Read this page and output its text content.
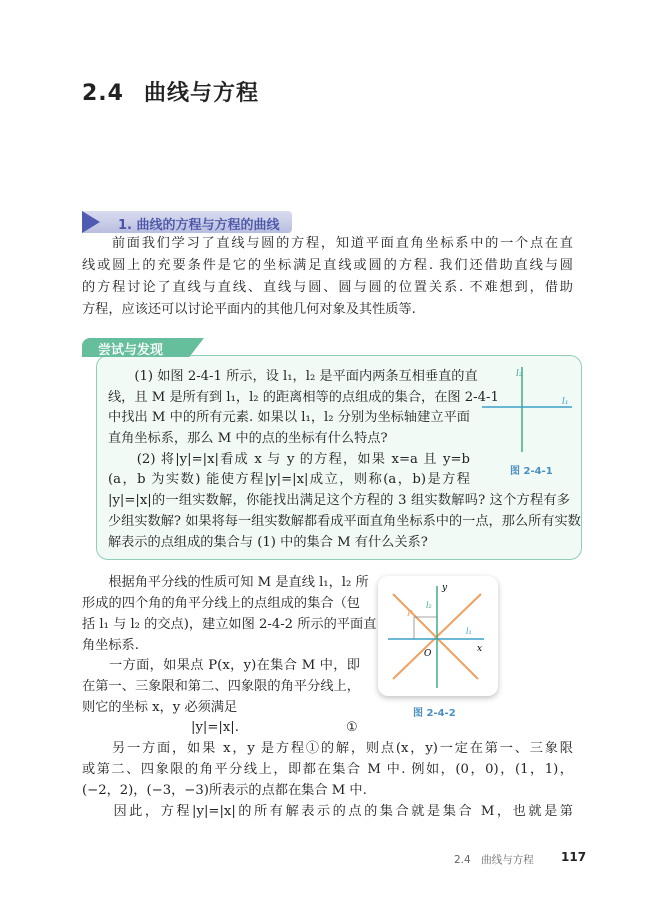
2.4 曲线与方程
1. 曲线的方程与方程的曲线
　　前面我们学习了直线与圆的方程，知道平面直角坐标系中的一个点在直
线或圆上的充要条件是它的坐标满足直线或圆的方程. 我们还借助直线与圆
的方程讨论了直线与直线、直线与圆、圆与圆的位置关系. 不难想到，借助
方程，应该还可以讨论平面内的其他几何对象及其性质等.
尝试与发现
　　(1) 如图 2-4-1 所示，设 l₁，l₂ 是平面内两条互相垂直的直
线，且 M 是所有到 l₁，l₂ 的距离相等的点组成的集合，在图 2-4-1
中找出 M 中的所有元素. 如果以 l₁，l₂ 分别为坐标轴建立平面
直角坐标系，那么 M 中的点的坐标有什么特点?
　　(2) 将|y|=|x|看成 x 与 y 的方程，如果 x=a 且 y=b
(a，b 为实数) 能使方程|y|=|x|成立，则称(a，b)是方程
|y|=|x|的一组实数解，你能找出满足这个方程的 3 组实数解吗? 这个方程有多
少组实数解? 如果将每一组实数解都看成平面直角坐标系中的一点，那么所有实数
解表示的点组成的集合与 (1) 中的集合 M 有什么关系?
l₂
l₁
图 2-4-1
　　根据角平分线的性质可知 M 是直线 l₁，l₂ 所
形成的四个角的角平分线上的点组成的集合（包
括 l₁ 与 l₂ 的交点)，建立如图 2-4-2 所示的平面直
角坐标系.
　　一方面，如果点 P(x，y)在集合 M 中，即
在第一、三象限和第二、四象限的角平分线上，
则它的坐标 x，y 必须满足
|y|=|x|.	①
y
x
O
P
l₁
l₂
图 2-4-2
　　另一方面，如果 x，y 是方程①的解，则点(x，y)一定在第一、三象限
或第二、四象限的角平分线上，即都在集合 M 中. 例如，(0，0)，(1，1)，
(−2，2)，(−3，−3)所表示的点都在集合 M 中.
　　因此，方程|y|=|x|的所有解表示的点的集合就是集合 M，也就是第
2.4　曲线与方程 117
